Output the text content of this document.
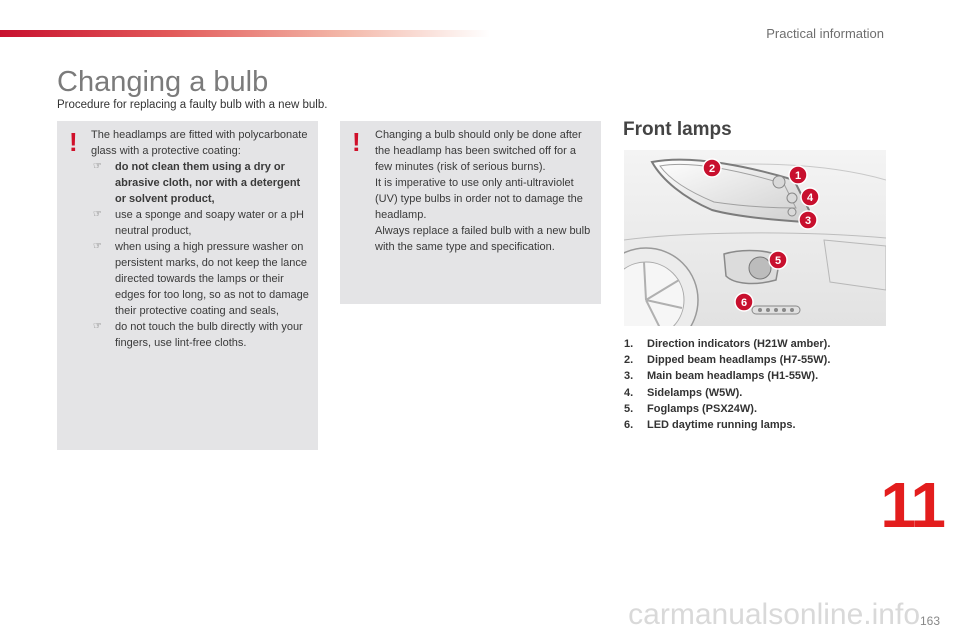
Practical information
Changing a bulb
Procedure for replacing a faulty bulb with a new bulb.
! The headlamps are fitted with polycarbonate glass with a protective coating:

☞ do not clean them using a dry or abrasive cloth, nor with a detergent or solvent product,
☞ use a sponge and soapy water or a pH neutral product,
☞ when using a high pressure washer on persistent marks, do not keep the lance directed towards the lamps or their edges for too long, so as not to damage their protective coating and seals,
☞ do not touch the bulb directly with your fingers, use lint-free cloths.
! Changing a bulb should only be done after the headlamp has been switched off for a few minutes (risk of serious burns).

It is imperative to use only anti-ultraviolet (UV) type bulbs in order not to damage the headlamp.

Always replace a failed bulb with a new bulb with the same type and specification.

Front lamps
1
2
3
4
5
6
1. Direction indicators (H21W amber).
2. Dipped beam headlamps (H7-55W).
3. Main beam headlamps (H1-55W).
4. Sidelamps (W5W).
5. Foglamps (PSX24W).
6. LED daytime running lamps.
11
carmanualsonline.info 163
